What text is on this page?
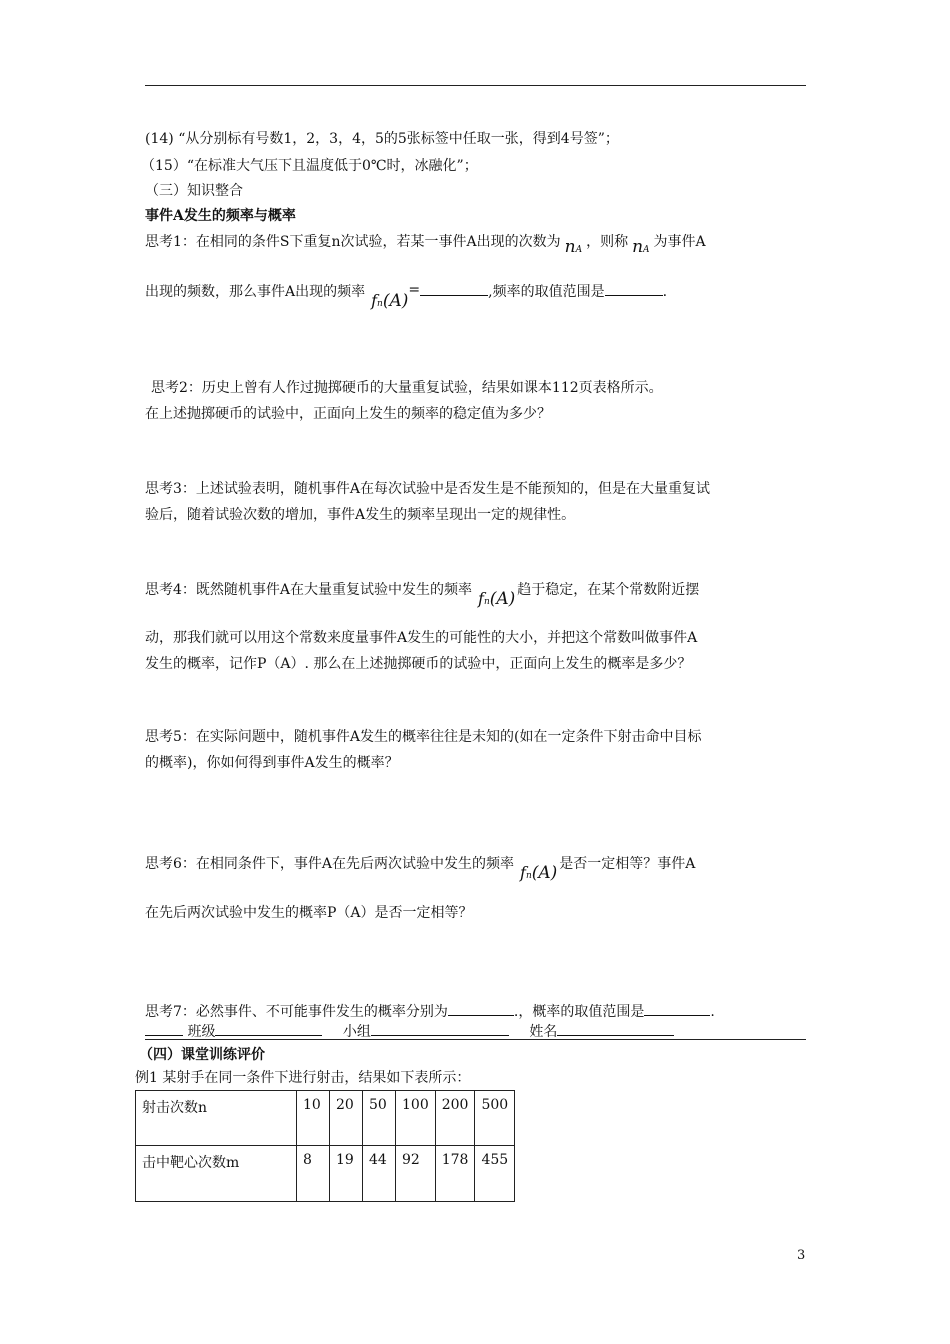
(14) “从分别标有号数1，2，3，4，5的5张标签中任取一张，得到4号签”；
（15）“在标准大气压下且温度低于0℃时，冰融化”；
（三）知识整合
事件A发生的频率与概率
思考1：在相同的条件S下重复n次试验，若某一事件A出现的次数为 nA ，则称 nA 为事件A
出现的频数，那么事件A出现的频率 fn(A)=	,频率的取值范围是	.
思考2：历史上曾有人作过抛掷硬币的大量重复试验，结果如课本112页表格所示。
在上述抛掷硬币的试验中，正面向上发生的频率的稳定值为多少？
思考3：上述试验表明，随机事件A在每次试验中是否发生是不能预知的，但是在大量重复试
验后，随着试验次数的增加，事件A发生的频率呈现出一定的规律性。
思考4：既然随机事件A在大量重复试验中发生的频率 fn(A) 趋于稳定，在某个常数附近摆
动，那我们就可以用这个常数来度量事件A发生的可能性的大小，并把这个常数叫做事件A
发生的概率，记作P（A）. 那么在上述抛掷硬币的试验中，正面向上发生的概率是多少？
思考5：在实际问题中，随机事件A发生的概率往往是未知的(如在一定条件下射击命中目标
的概率)，你如何得到事件A发生的概率？
思考6：在相同条件下，事件A在先后两次试验中发生的频率 fn(A) 是否一定相等？事件A
在先后两次试验中发生的概率P（A）是否一定相等？
思考7：必然事件、不可能事件发生的概率分别为	.，概率的取值范围是	.
班级	小组	姓名
（四）课堂训练评价
例1 某射手在同一条件下进行射击，结果如下表所示：
射击次数n	10	20	50	100	200	500
击中靶心次数m	8	19	44	92	178	455
3
